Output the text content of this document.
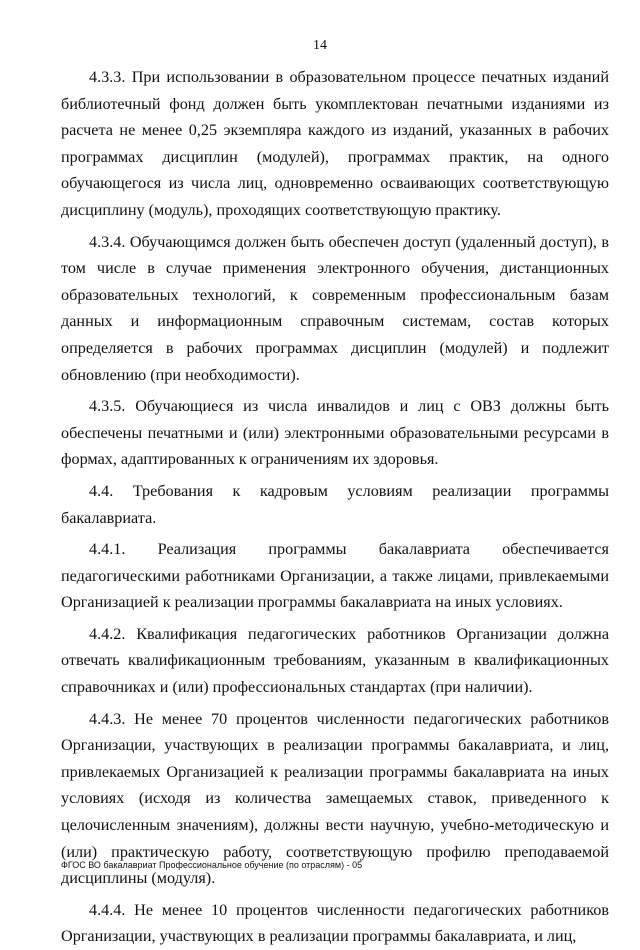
14

4.3.3. При использовании в образовательном процессе печатных изданий библиотечный фонд должен быть укомплектован печатными изданиями из расчета не менее 0,25 экземпляра каждого из изданий, указанных в рабочих программах дисциплин (модулей), программах практик, на одного обучающегося из числа лиц, одновременно осваивающих соответствующую дисциплину (модуль), проходящих соответствующую практику.

4.3.4. Обучающимся должен быть обеспечен доступ (удаленный доступ), в том числе в случае применения электронного обучения, дистанционных образовательных технологий, к современным профессиональным базам данных и информационным справочным системам, состав которых определяется в рабочих программах дисциплин (модулей) и подлежит обновлению (при необходимости).

4.3.5. Обучающиеся из числа инвалидов и лиц с ОВЗ должны быть обеспечены печатными и (или) электронными образовательными ресурсами в формах, адаптированных к ограничениям их здоровья.

4.4. Требования к кадровым условиям реализации программы бакалавриата.

4.4.1. Реализация программы бакалавриата обеспечивается педагогическими работниками Организации, а также лицами, привлекаемыми Организацией к реализации программы бакалавриата на иных условиях.

4.4.2. Квалификация педагогических работников Организации должна отвечать квалификационным требованиям, указанным в квалификационных справочниках и (или) профессиональных стандартах (при наличии).

4.4.3. Не менее 70 процентов численности педагогических работников Организации, участвующих в реализации программы бакалавриата, и лиц, привлекаемых Организацией к реализации программы бакалавриата на иных условиях (исходя из количества замещаемых ставок, приведенного к целочисленным значениям), должны вести научную, учебно-методическую и (или) практическую работу, соответствующую профилю преподаваемой дисциплины (модуля).

4.4.4. Не менее 10 процентов численности педагогических работников Организации, участвующих в реализации программы бакалавриата, и лиц,

ФГОС ВО бакалавриат Профессиональное обучение (по отраслям) - 05
